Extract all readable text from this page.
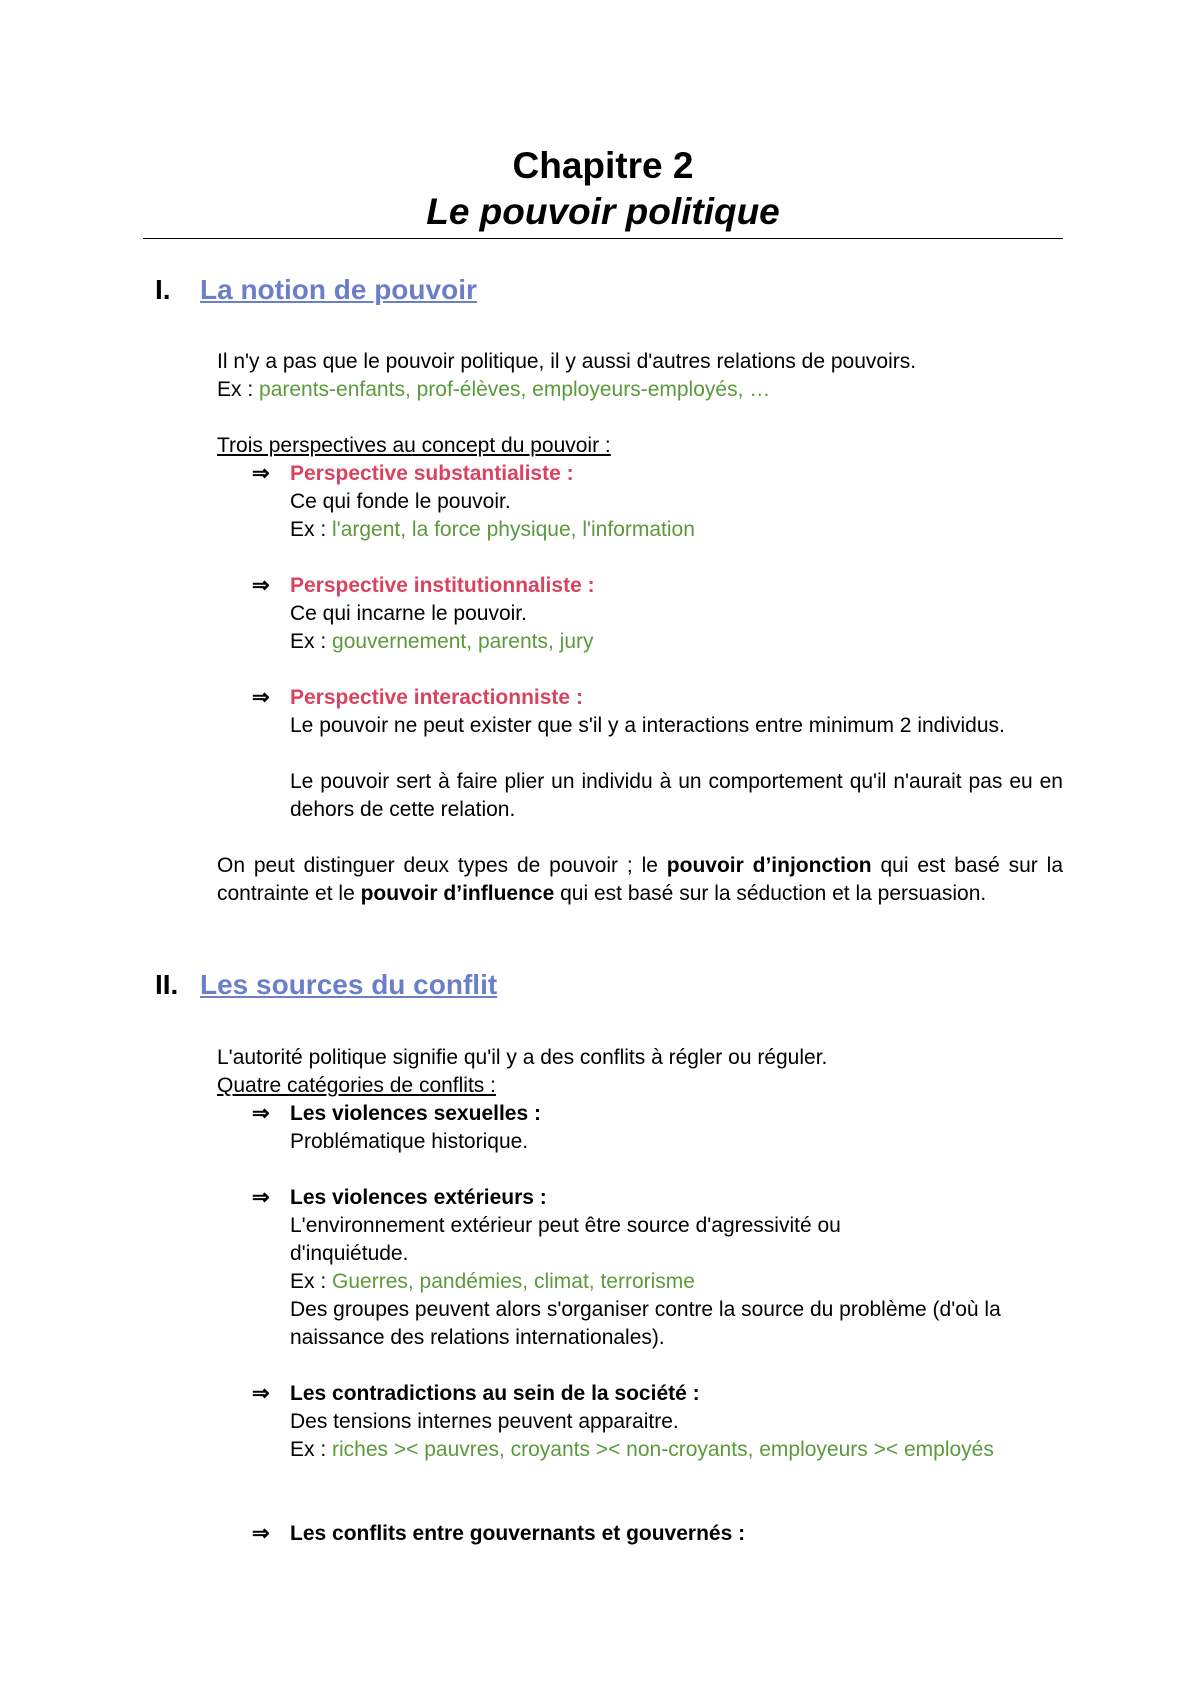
Chapitre 2
Le pouvoir politique
I. La notion de pouvoir
Il n'y a pas que le pouvoir politique, il y aussi d'autres relations de pouvoirs.
Ex : parents-enfants, prof-élèves, employeurs-employés, …
Trois perspectives au concept du pouvoir :
⇒ Perspective substantialiste :
Ce qui fonde le pouvoir.
Ex : l'argent, la force physique, l'information
⇒ Perspective institutionnaliste :
Ce qui incarne le pouvoir.
Ex : gouvernement, parents, jury
⇒ Perspective interactionniste :
Le pouvoir ne peut exister que s'il y a interactions entre minimum 2 individus.
Le pouvoir sert à faire plier un individu à un comportement qu'il n'aurait pas eu en dehors de cette relation.
On peut distinguer deux types de pouvoir ; le pouvoir d’injonction qui est basé sur la contrainte et le pouvoir d’influence qui est basé sur la séduction et la persuasion.
II. Les sources du conflit
L'autorité politique signifie qu'il y a des conflits à régler ou réguler.
Quatre catégories de conflits :
⇒ Les violences sexuelles :
Problématique historique.
⇒ Les violences extérieurs :
L'environnement extérieur peut être source d'agressivité ou d'inquiétude.
Ex : Guerres, pandémies, climat, terrorisme
Des groupes peuvent alors s'organiser contre la source du problème (d'où la naissance des relations internationales).
⇒ Les contradictions au sein de la société :
Des tensions internes peuvent apparaitre.
Ex : riches >< pauvres, croyants >< non-croyants, employeurs >< employés
⇒ Les conflits entre gouvernants et gouvernés :
